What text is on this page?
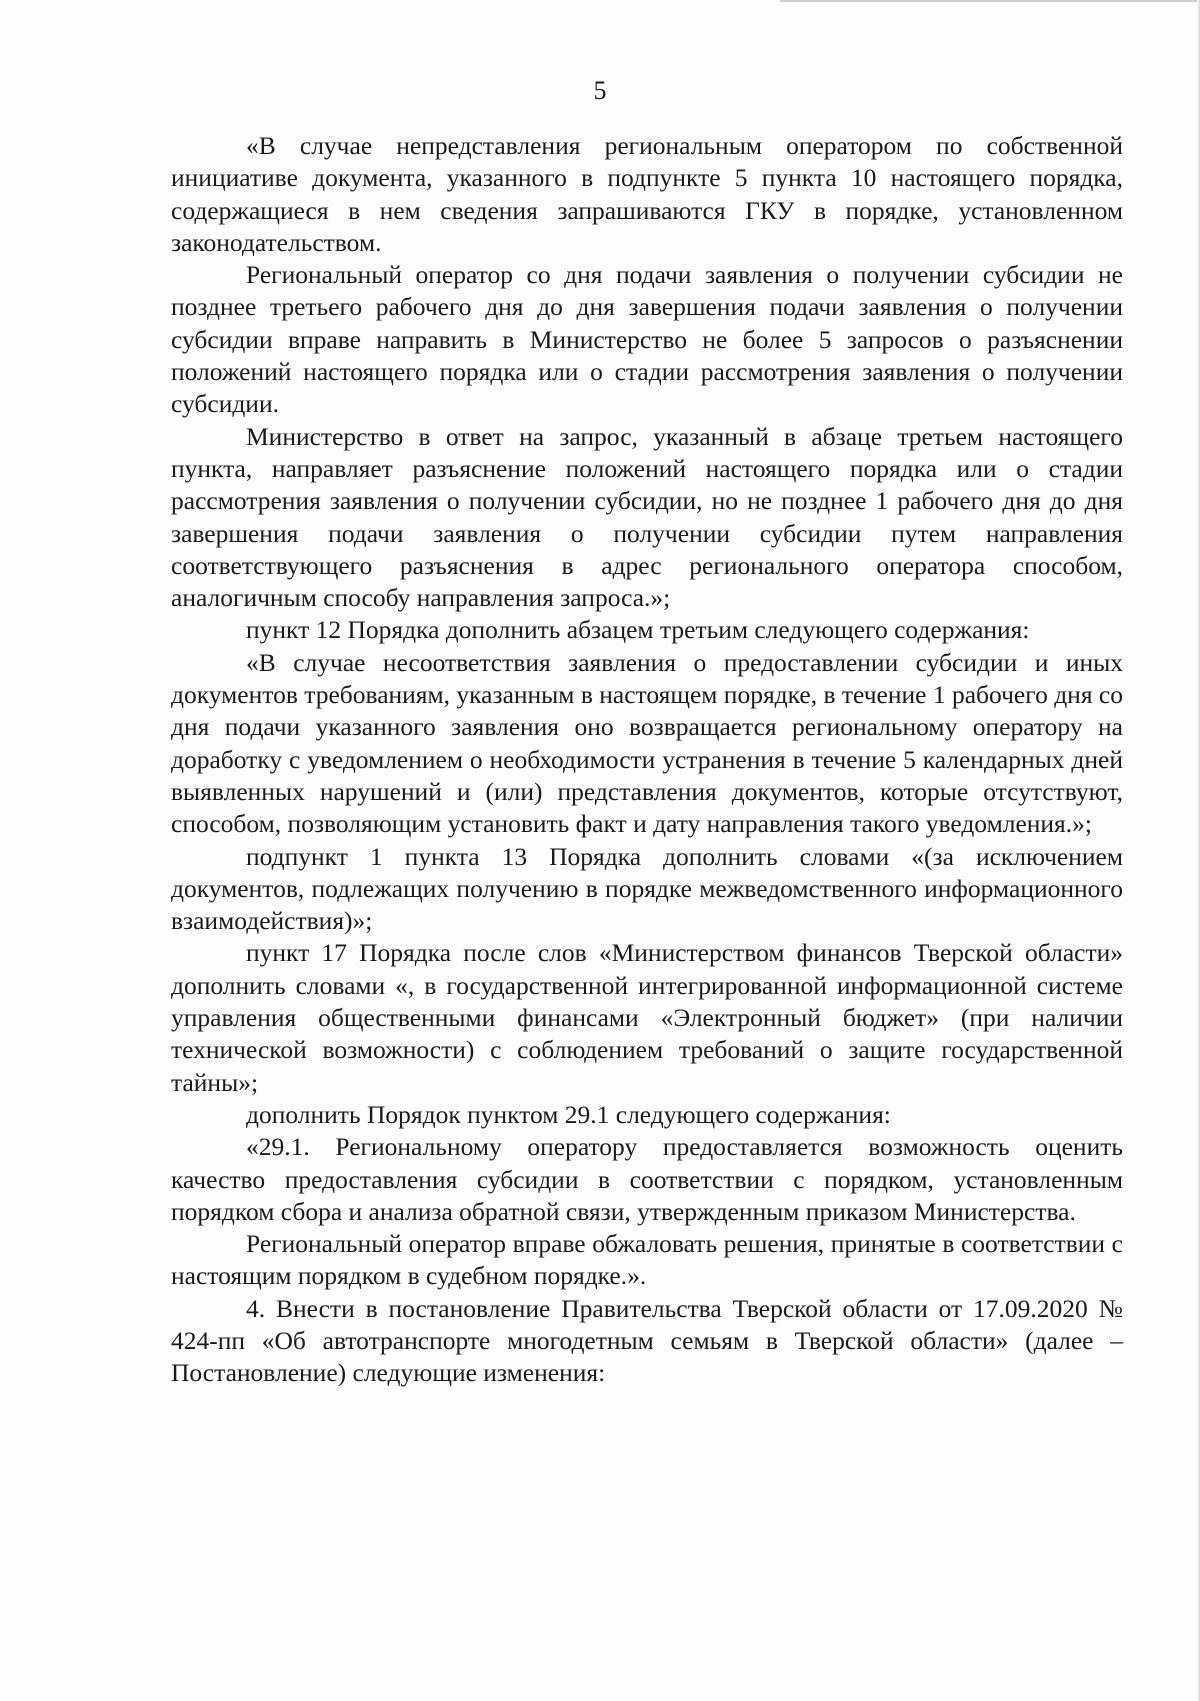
5

«В случае непредставления региональным оператором по собственной инициативе документа, указанного в подпункте 5 пункта 10 настоящего порядка, содержащиеся в нем сведения запрашиваются ГКУ в порядке, установленном законодательством.

Региональный оператор со дня подачи заявления о получении субсидии не позднее третьего рабочего дня до дня завершения подачи заявления о получении субсидии вправе направить в Министерство не более 5 запросов о разъяснении положений настоящего порядка или о стадии рассмотрения заявления о получении субсидии.

Министерство в ответ на запрос, указанный в абзаце третьем настоящего пункта, направляет разъяснение положений настоящего порядка или о стадии рассмотрения заявления о получении субсидии, но не позднее 1 рабочего дня до дня завершения подачи заявления о получении субсидии путем направления соответствующего разъяснения в адрес регионального оператора способом, аналогичным способу направления запроса.»;

пункт 12 Порядка дополнить абзацем третьим следующего содержания:

«В случае несоответствия заявления о предоставлении субсидии и иных документов требованиям, указанным в настоящем порядке, в течение 1 рабочего дня со дня подачи указанного заявления оно возвращается региональному оператору на доработку с уведомлением о необходимости устранения в течение 5 календарных дней выявленных нарушений и (или) представления документов, которые отсутствуют, способом, позволяющим установить факт и дату направления такого уведомления.»;

подпункт 1 пункта 13 Порядка дополнить словами «(за исключением документов, подлежащих получению в порядке межведомственного информационного взаимодействия)»;

пункт 17 Порядка после слов «Министерством финансов Тверской области» дополнить словами «, в государственной интегрированной информационной системе управления общественными финансами «Электронный бюджет» (при наличии технической возможности) с соблюдением требований о защите государственной тайны»;

дополнить Порядок пунктом 29.1 следующего содержания:

«29.1. Региональному оператору предоставляется возможность оценить качество предоставления субсидии в соответствии с порядком, установленным порядком сбора и анализа обратной связи, утвержденным приказом Министерства.

Региональный оператор вправе обжаловать решения, принятые в соответствии с настоящим порядком в судебном порядке.».

4. Внести в постановление Правительства Тверской области от 17.09.2020 № 424-пп «Об автотранспорте многодетным семьям в Тверской области» (далее – Постановление) следующие изменения:
